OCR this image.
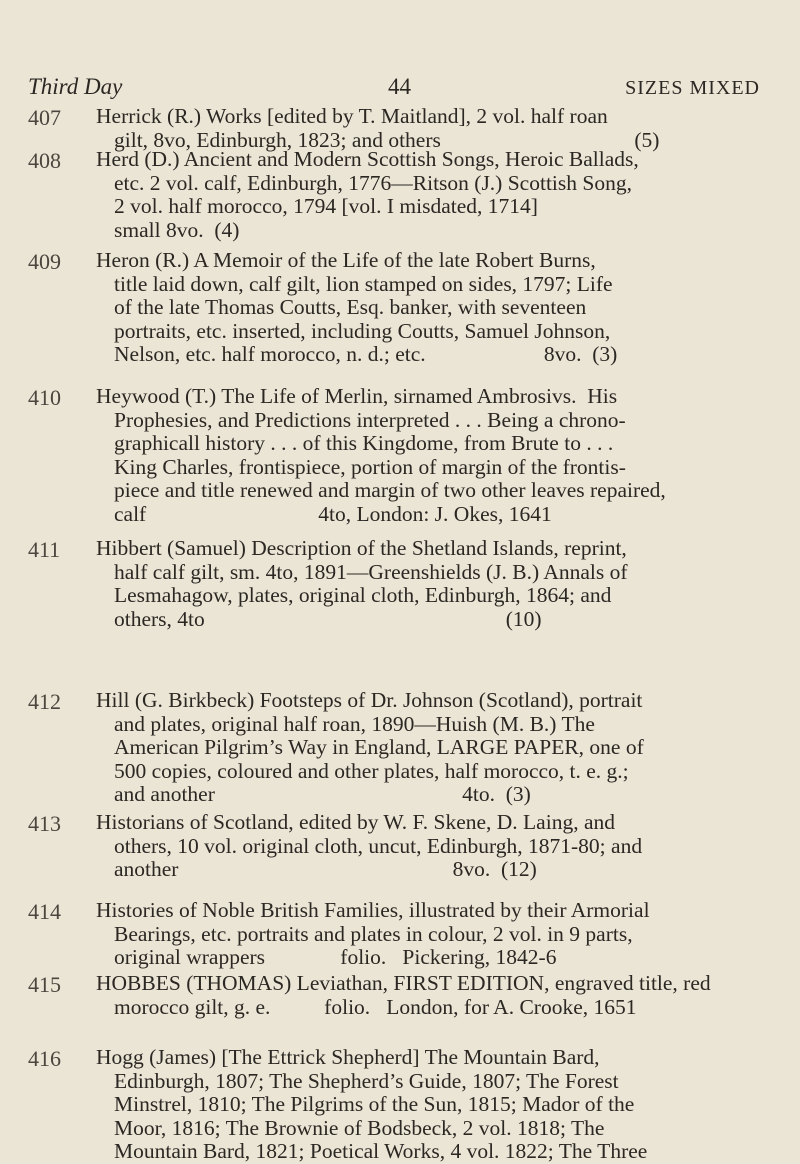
Third Day	44	SIZES MIXED
407 Herrick (R.) Works [edited by T. Maitland], 2 vol. half roan
gilt, 8vo, Edinburgh, 1823; and others                                    (5)
408 Herd (D.) Ancient and Modern Scottish Songs, Heroic Ballads,
etc. 2 vol. calf, Edinburgh, 1776—Ritson (J.) Scottish Song,
2 vol. half morocco, 1794 [vol. I misdated, 1714]
small 8vo.  (4)
409 Heron (R.) A Memoir of the Life of the late Robert Burns,
title laid down, calf gilt, lion stamped on sides, 1797; Life
of the late Thomas Coutts, Esq. banker, with seventeen
portraits, etc. inserted, including Coutts, Samuel Johnson,
Nelson, etc. half morocco, n. d.; etc.                      8vo.  (3)
410 Heywood (T.) The Life of Merlin, sirnamed Ambrosivs.  His
Prophesies, and Predictions interpreted . . . Being a chrono-
graphicall history . . . of this Kingdome, from Brute to . . .
King Charles, frontispiece, portion of margin of the frontis-
piece and title renewed and margin of two other leaves repaired,
calf                                4to, London: J. Okes, 1641
411 Hibbert (Samuel) Description of the Shetland Islands, reprint,
half calf gilt, sm. 4to, 1891—Greenshields (J. B.) Annals of
Lesmahagow, plates, original cloth, Edinburgh, 1864; and
others, 4to                                                        (10)
412 Hill (G. Birkbeck) Footsteps of Dr. Johnson (Scotland), portrait
and plates, original half roan, 1890—Huish (M. B.) The
American Pilgrim’s Way in England, LARGE PAPER, one of
500 copies, coloured and other plates, half morocco, t. e. g.;
and another                                              4to.  (3)
413 Historians of Scotland, edited by W. F. Skene, D. Laing, and
others, 10 vol. original cloth, uncut, Edinburgh, 1871-80; and
another                                                   8vo.  (12)
414 Histories of Noble British Families, illustrated by their Armorial
Bearings, etc. portraits and plates in colour, 2 vol. in 9 parts,
original wrappers              folio.   Pickering, 1842-6
415 HOBBES (THOMAS) Leviathan, FIRST EDITION, engraved title, red
morocco gilt, g. e.          folio.   London, for A. Crooke, 1651
416 Hogg (James) [The Ettrick Shepherd] The Mountain Bard,
Edinburgh, 1807; The Shepherd’s Guide, 1807; The Forest
Minstrel, 1810; The Pilgrims of the Sun, 1815; Mador of the
Moor, 1816; The Brownie of Bodsbeck, 2 vol. 1818; The
Mountain Bard, 1821; Poetical Works, 4 vol. 1822; The Three
